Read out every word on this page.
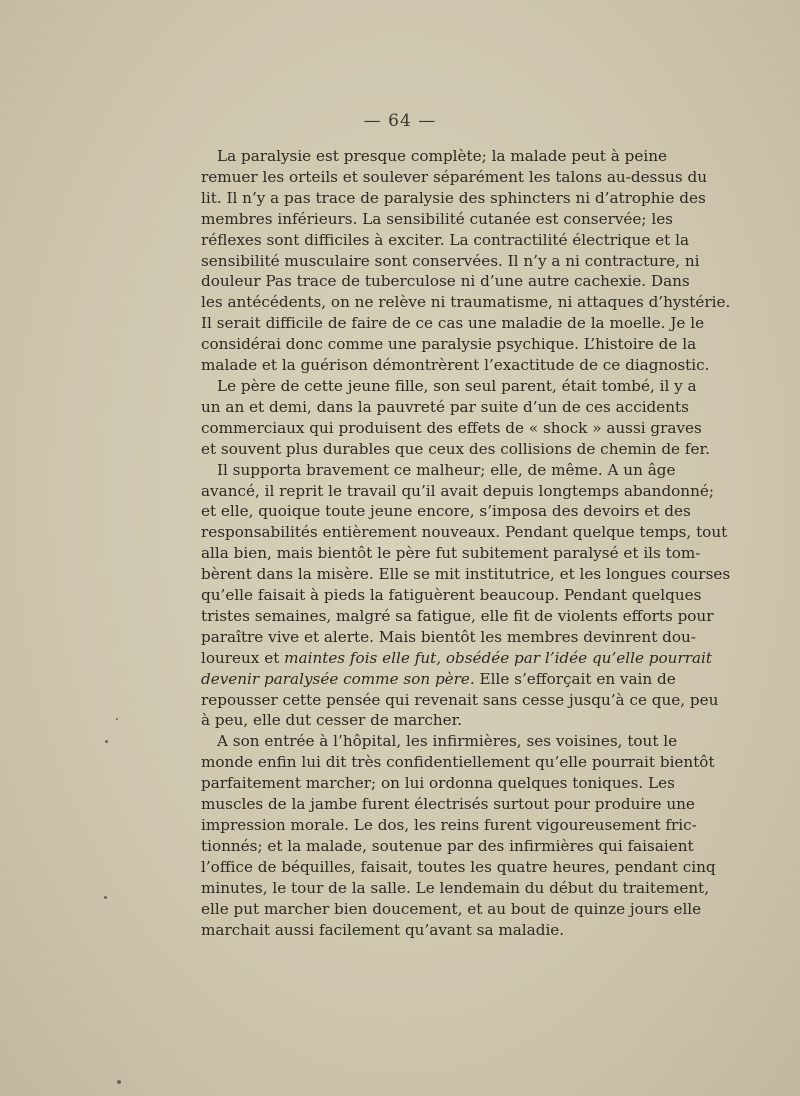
— 64 —
La paralysie est presque complète; la malade peut à peine
remuer les orteils et soulever séparément les talons au-dessus du
lit. Il n’y a pas trace de paralysie des sphincters ni d’atrophie des
membres inférieurs. La sensibilité cutanée est conservée; les
réflexes sont difficiles à exciter. La contractilité électrique et la
sensibilité musculaire sont conservées. Il n’y a ni contracture, ni
douleur Pas trace de tuberculose ni d’une autre cachexie. Dans
les antécédents, on ne relève ni traumatisme, ni attaques d’hystérie.
Il serait difficile de faire de ce cas une maladie de la moelle. Je le
considérai donc comme une paralysie psychique. L’histoire de la
malade et la guérison démontrèrent l’exactitude de ce diagnostic.
Le père de cette jeune fille, son seul parent, était tombé, il y a
un an et demi, dans la pauvreté par suite d’un de ces accidents
commerciaux qui produisent des effets de « shock » aussi graves
et souvent plus durables que ceux des collisions de chemin de fer.
Il supporta bravement ce malheur; elle, de même. A un âge
avancé, il reprit le travail qu’il avait depuis longtemps abandonné;
et elle, quoique toute jeune encore, s’imposa des devoirs et des
responsabilités entièrement nouveaux. Pendant quelque temps, tout
alla bien, mais bientôt le père fut subitement paralysé et ils tom-
bèrent dans la misère. Elle se mit institutrice, et les longues courses
qu’elle faisait à pieds la fatiguèrent beaucoup. Pendant quelques
tristes semaines, malgré sa fatigue, elle fit de violents efforts pour
paraître vive et alerte. Mais bientôt les membres devinrent dou-
loureux et maintes fois elle fut, obsédée par l’idée qu’elle pourrait
devenir paralysée comme son père. Elle s’efforçait en vain de
repousser cette pensée qui revenait sans cesse jusqu’à ce que, peu
à peu, elle dut cesser de marcher.
A son entrée à l’hôpital, les infirmières, ses voisines, tout le
monde enfin lui dit très confidentiellement qu’elle pourrait bientôt
parfaitement marcher; on lui ordonna quelques toniques. Les
muscles de la jambe furent électrisés surtout pour produire une
impression morale. Le dos, les reins furent vigoureusement fric-
tionnés; et la malade, soutenue par des infirmières qui faisaient
l’office de béquilles, faisait, toutes les quatre heures, pendant cinq
minutes, le tour de la salle. Le lendemain du début du traitement,
elle put marcher bien doucement, et au bout de quinze jours elle
marchait aussi facilement qu’avant sa maladie.
